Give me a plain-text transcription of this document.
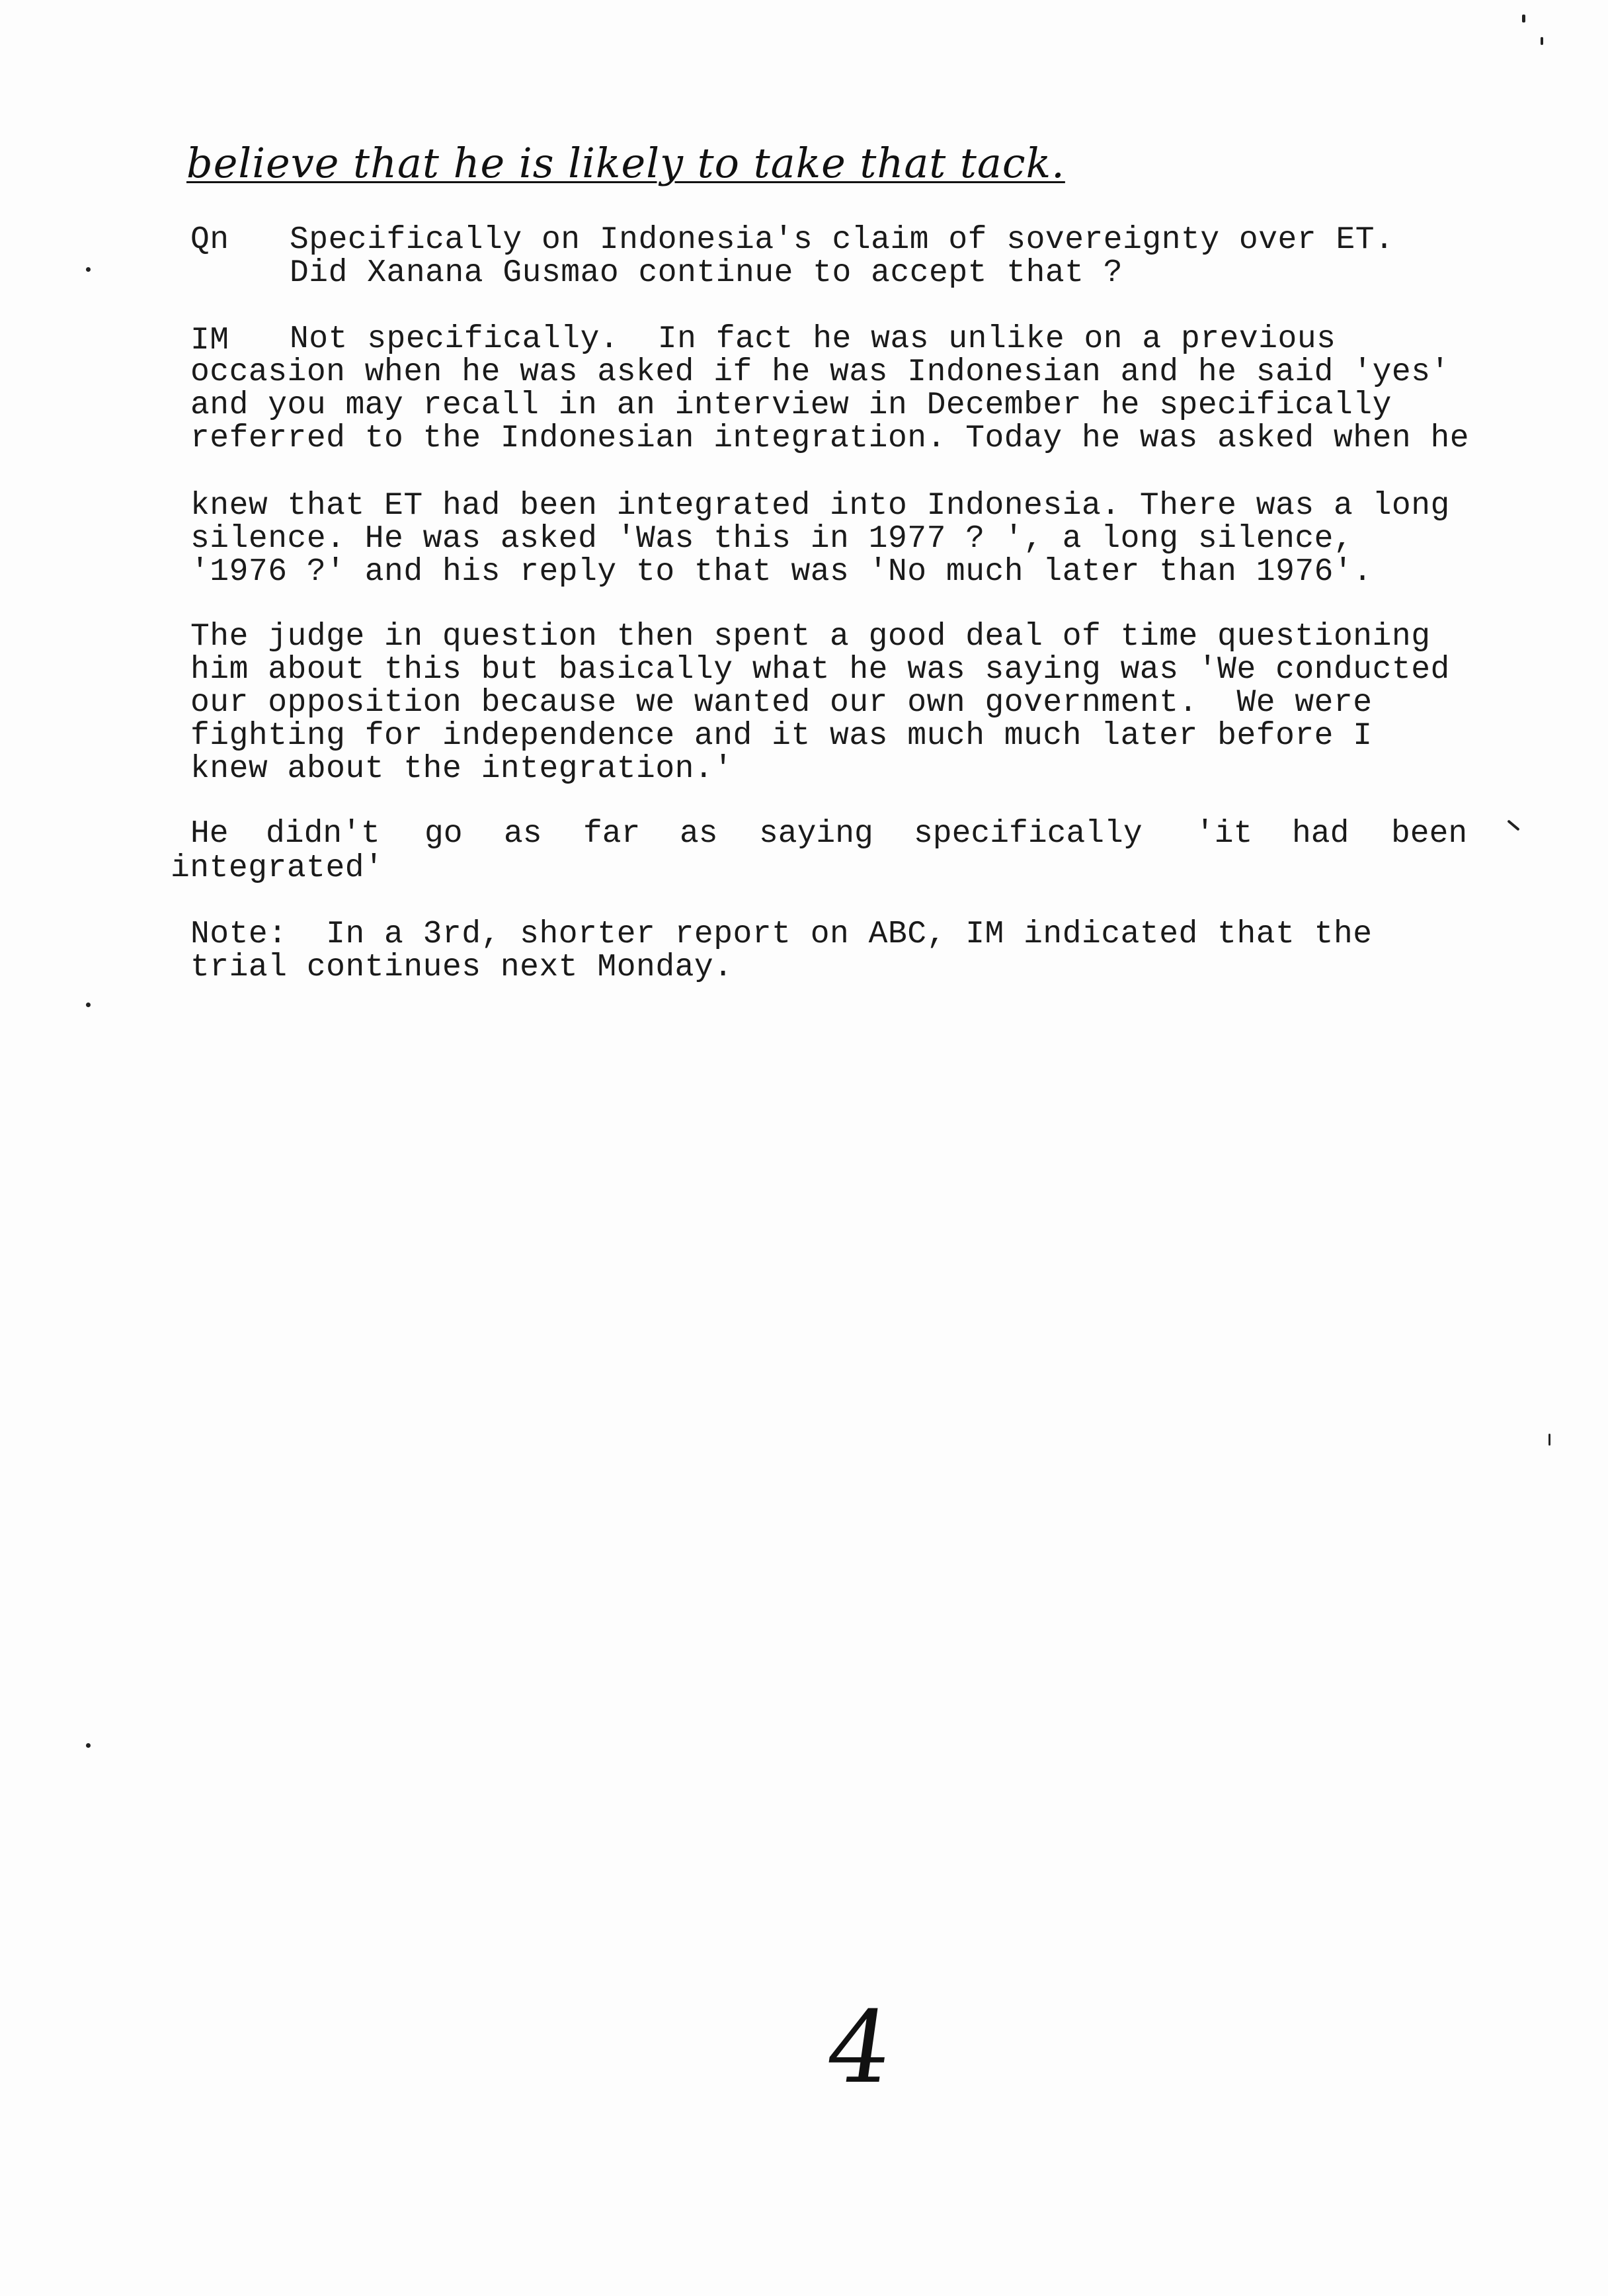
believe that he is likely to take that tack.
Qn Specifically on Indonesia's claim of sovereignty over ET.
Did Xanana Gusmao continue to accept that ?
IM Not specifically.  In fact he was unlike on a previous
occasion when he was asked if he was Indonesian and he said 'yes'
and you may recall in an interview in December he specifically
referred to the Indonesian integration. Today he was asked when he
knew that ET had been integrated into Indonesia. There was a long
silence. He was asked 'Was this in 1977 ? ', a long silence,
'1976 ?' and his reply to that was 'No much later than 1976'.
The judge in question then spent a good deal of time questioning
him about this but basically what he was saying was 'We conducted
our opposition because we wanted our own government.  We were
fighting for independence and it was much much later before I
knew about the integration.'
He didn't go as far as saying specifically 'it had been
integrated'
Note:  In a 3rd, shorter report on ABC, IM indicated that the
trial continues next Monday.
4
